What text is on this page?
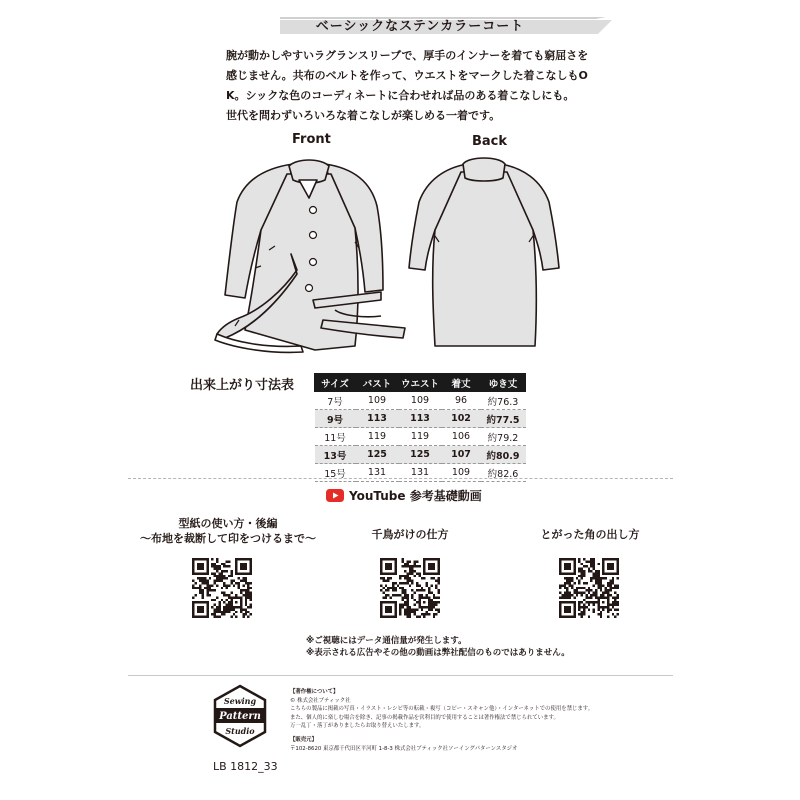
ベーシックなステンカラーコート
腕が動かしやすいラグランスリーブで、厚手のインナーを着ても窮屈さを
感じません。共布のベルトを作って、ウエストをマークした着こなしもO
K。シックな色のコーディネートに合わせれば品のある着こなしにも。
世代を問わずいろいろな着こなしが楽しめる一着です。
Front	Back
出来上がり寸法表	サイズ	バスト	ウエスト	着丈	ゆき丈
7号	109	109	96	約76.3
9号	113	113	102	約77.5
11号	119	119	106	約79.2
13号	125	125	107	約80.9
15号	131	131	109	約82.6
YouTube 参考基礎動画
型紙の使い方・後編
〜布地を裁断して印をつけるまで〜	千鳥がけの仕方	とがった角の出し方
※ご視聴にはデータ通信量が発生します。
※表示される広告やその他の動画は弊社配信のものではありません。
Sewing
Pattern
Studio
LB 1812_33
【著作権について】
© 株式会社ブティック社
こちらの製品に掲載の写真・イラスト・レシピ等の転載・複写（コピー・スキャン他）・インターネットでの使用を禁じます。
また、個人的に楽しむ場合を除き、記事の掲載作品を営利目的で使用することは著作権法で禁じられています。
万一乱丁・落丁がありましたらお取り替えいたします。
【販売元】
〒102-8620 東京都千代田区平河町 1-8-3 株式会社ブティック社ソーイングパターンスタジオ
